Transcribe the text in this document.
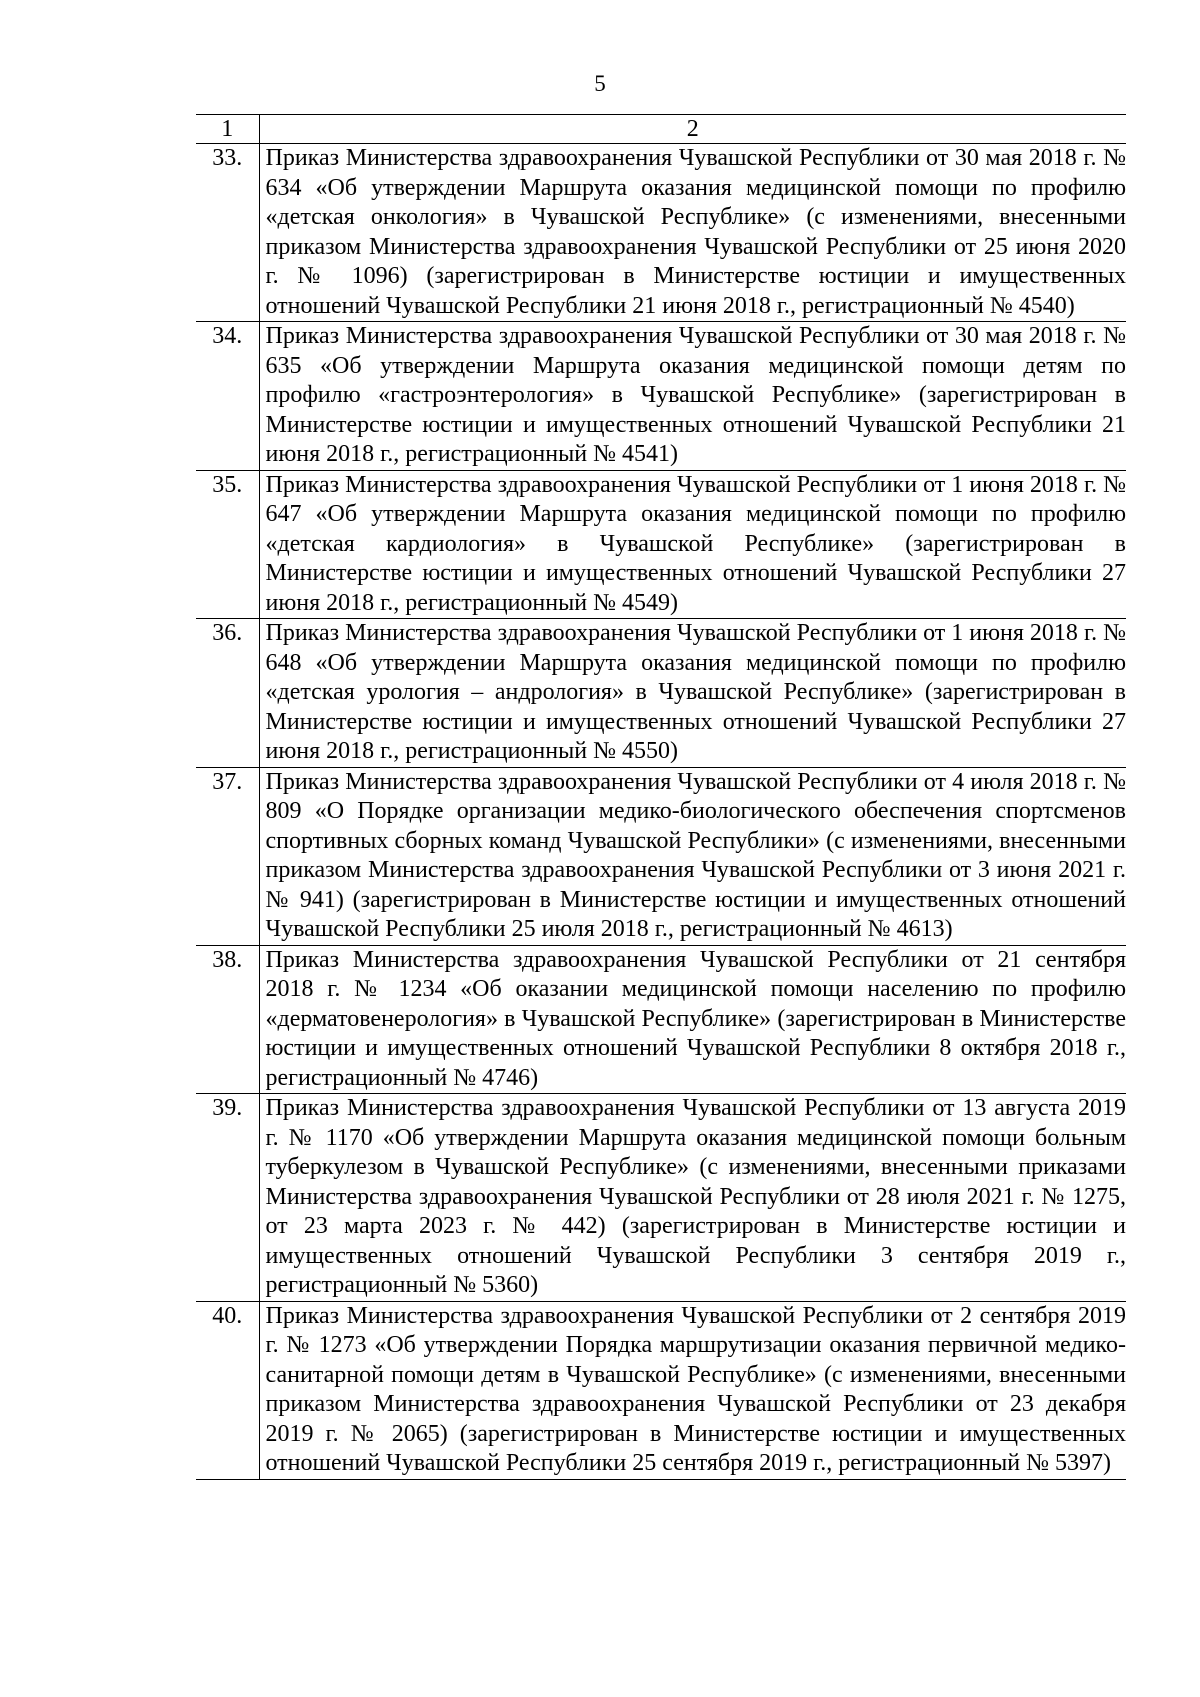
5
1	2
33.	Приказ Министерства здравоохранения Чувашской Республики от 30 мая 2018 г. № 634 «Об утверждении Маршрута оказания медицинской помощи по профилю «детская онкология» в Чувашской Республике» (с изменениями, внесенными приказом Министерства здравоохранения Чувашской Республики от 25 июня 2020 г. № 1096) (зарегистрирован в Министерстве юстиции и имущественных отношений Чувашской Республики 21 июня 2018 г., регистрационный № 4540)
34.	Приказ Министерства здравоохранения Чувашской Республики от 30 мая 2018 г. № 635 «Об утверждении Маршрута оказания медицинской помощи детям по профилю «гастроэнтерология» в Чувашской Республике» (зарегистрирован в Министерстве юстиции и имущественных отношений Чувашской Республики 21 июня 2018 г., регистрационный № 4541)
35.	Приказ Министерства здравоохранения Чувашской Республики от 1 июня 2018 г. № 647 «Об утверждении Маршрута оказания медицинской помощи по профилю «детская кардиология» в Чувашской Республике» (зарегистрирован в Министерстве юстиции и имущественных отношений Чувашской Республики 27 июня 2018 г., регистрационный № 4549)
36.	Приказ Министерства здравоохранения Чувашской Республики от 1 июня 2018 г. № 648 «Об утверждении Маршрута оказания медицинской помощи по профилю «детская урология – андрология» в Чувашской Республике» (зарегистрирован в Министерстве юстиции и имущественных отношений Чувашской Республики 27 июня 2018 г., регистрационный № 4550)
37.	Приказ Министерства здравоохранения Чувашской Республики от 4 июля 2018 г. № 809 «О Порядке организации медико-биологического обеспечения спортсменов спортивных сборных команд Чувашской Республики» (с изменениями, внесенными приказом Министерства здравоохранения Чувашской Республики от 3 июня 2021 г. № 941) (зарегистрирован в Министерстве юстиции и имущественных отношений Чувашской Республики 25 июля 2018 г., регистрационный № 4613)
38.	Приказ Министерства здравоохранения Чувашской Республики от 21 сентября 2018 г. № 1234 «Об оказании медицинской помощи населению по профилю «дерматовенерология» в Чувашской Республике» (зарегистрирован в Министерстве юстиции и имущественных отношений Чувашской Республики 8 октября 2018 г., регистрационный № 4746)
39.	Приказ Министерства здравоохранения Чувашской Республики от 13 августа 2019 г. № 1170 «Об утверждении Маршрута оказания медицинской помощи больным туберкулезом в Чувашской Республике» (с изменениями, внесенными приказами Министерства здравоохранения Чувашской Республики от 28 июля 2021 г. № 1275, от 23 марта 2023 г. № 442) (зарегистрирован в Министерстве юстиции и имущественных отношений Чувашской Республики 3 сентября 2019 г., регистрационный № 5360)
40.	Приказ Министерства здравоохранения Чувашской Республики от 2 сентября 2019 г. № 1273 «Об утверждении Порядка маршрутизации оказания первичной медико-санитарной помощи детям в Чувашской Республике» (с изменениями, внесенными приказом Министерства здравоохранения Чувашской Республики от 23 декабря 2019 г. № 2065) (зарегистрирован в Министерстве юстиции и имущественных отношений Чувашской Республики 25 сентября 2019 г., регистрационный № 5397)
